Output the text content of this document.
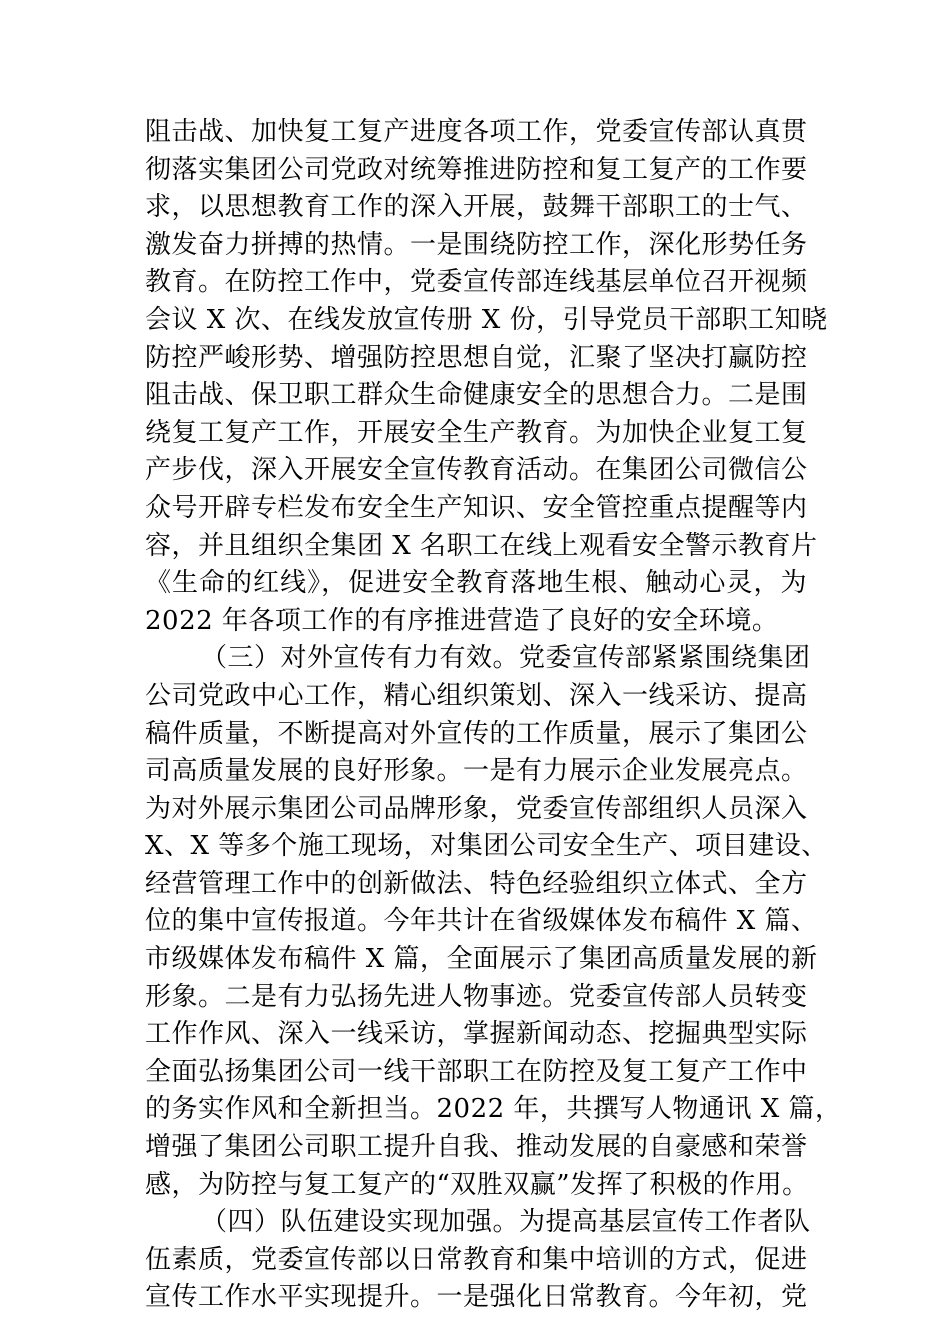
阻击战、加快复工复产进度各项工作，党委宣传部认真贯
彻落实集团公司党政对统筹推进防控和复工复产的工作要
求，以思想教育工作的深入开展，鼓舞干部职工的士气、
激发奋力拼搏的热情。一是围绕防控工作，深化形势任务
教育。在防控工作中，党委宣传部连线基层单位召开视频
会议 X 次、在线发放宣传册 X 份，引导党员干部职工知晓
防控严峻形势、增强防控思想自觉，汇聚了坚决打赢防控
阻击战、保卫职工群众生命健康安全的思想合力。二是围
绕复工复产工作，开展安全生产教育。为加快企业复工复
产步伐，深入开展安全宣传教育活动。在集团公司微信公
众号开辟专栏发布安全生产知识、安全管控重点提醒等内
容，并且组织全集团 X 名职工在线上观看安全警示教育片
《生命的红线》，促进安全教育落地生根、触动心灵，为
2022 年各项工作的有序推进营造了良好的安全环境。
（三）对外宣传有力有效。党委宣传部紧紧围绕集团
公司党政中心工作，精心组织策划、深入一线采访、提高
稿件质量，不断提高对外宣传的工作质量，展示了集团公
司高质量发展的良好形象。一是有力展示企业发展亮点。
为对外展示集团公司品牌形象，党委宣传部组织人员深入
X、X 等多个施工现场，对集团公司安全生产、项目建设、
经营管理工作中的创新做法、特色经验组织立体式、全方
位的集中宣传报道。今年共计在省级媒体发布稿件 X 篇、
市级媒体发布稿件 X 篇，全面展示了集团高质量发展的新
形象。二是有力弘扬先进人物事迹。党委宣传部人员转变
工作作风、深入一线采访，掌握新闻动态、挖掘典型实际
全面弘扬集团公司一线干部职工在防控及复工复产工作中
的务实作风和全新担当。2022 年，共撰写人物通讯 X 篇，
增强了集团公司职工提升自我、推动发展的自豪感和荣誉
感，为防控与复工复产的“双胜双赢”发挥了积极的作用。
（四）队伍建设实现加强。为提高基层宣传工作者队
伍素质，党委宣传部以日常教育和集中培训的方式，促进
宣传工作水平实现提升。一是强化日常教育。今年初，党
